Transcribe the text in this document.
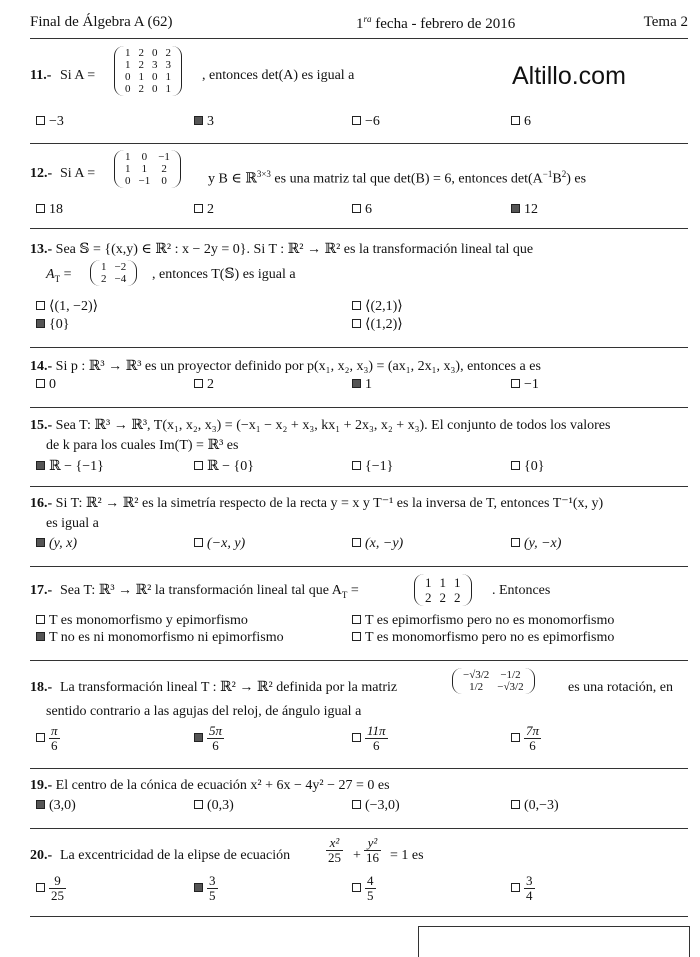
Final de Álgebra A (62)	$1^{ra}$ fecha - febrero de 2016	Tema 2
Altillo.com
11.- Si A =
1	2	0	2
1	2	3	3
0	1	0	1
0	2	0	1
, entonces det(A) es igual a
−3	3	−6	6
12.- Si A =
1	0	−1
1	1	2
0	−1	0	y B ∈ ℝ$^{3\times 3}$ es una matriz tal que det(B) = 6, entonces $\det(A^{-1}B^2)$ es
18	2	6	12
13.- Sea 𝕊 = {(x,y) ∈ ℝ² : x − 2y = 0}. Si T : ℝ² → ℝ² es la transformación lineal tal que
$A_T$ =	1	−2
2	−4 , entonces T(𝕊) es igual a
⟨(1, −2)⟩	⟨(2,1)⟩
{0}	⟨(1,2)⟩
14.- Si p : ℝ³ → ℝ³ es un proyector definido por p(x₁, x₂, x₃) = (ax₁, 2x₁, x₃), entonces a es
0	2	1	−1
15.- Sea T: ℝ³ → ℝ³, T(x₁, x₂, x₃) = (−x₁ − x₂ + x₃, kx₁ + 2x₃, x₂ + x₃). El conjunto de todos los valores
de k para los cuales Im(T) = ℝ³ es
ℝ − {−1}	ℝ − {0}	{−1}	{0}
16.- Si T: ℝ² → ℝ² es la simetría respecto de la recta y = x y T⁻¹ es la inversa de T, entonces T⁻¹(x, y)
es igual a
(y, x)	(−x, y)	(x, −y)	(y, −x)
17.- Sea T: ℝ³ → ℝ² la transformación lineal tal que $A_T$ =
1	1	1
2	2	2 . Entonces
T es monomorfismo y epimorfismo	T es epimorfismo pero no es monomorfismo
T no es ni monomorfismo ni epimorfismo	T es monomorfismo pero no es epimorfismo
18.- La transformación lineal T : ℝ² → ℝ² definida por la matriz
−√3/2	−1/2
1/2	−√3/2	es una rotación, en
sentido contrario a las agujas del reloj, de ángulo igual a
$\frac{\pi}{6}$	$\frac{5\pi}{6}$	$\frac{11\pi}{6}$	$\frac{7\pi}{6}$
19.- El centro de la cónica de ecuación x² + 6x − 4y² − 27 = 0 es
(3,0)	(0,3)	(−3,0)	(0,−3)
20.- La excentricidad de la elipse de ecuación	$\frac{\text{x²}}{25} + \frac{\text{y²}}{16} = 1$ es
$\frac{9}{25}$	$\frac{3}{5}$	$\frac{4}{5}$	$\frac{3}{4}$
